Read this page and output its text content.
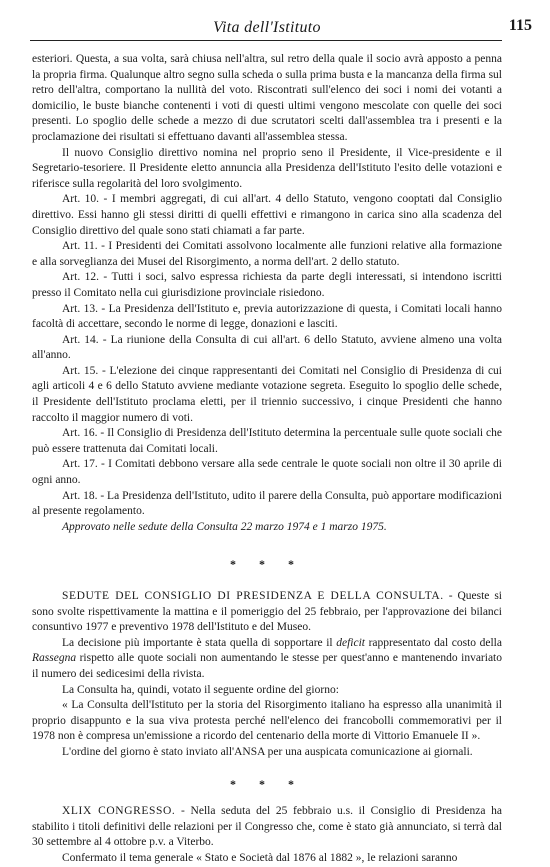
Vita dell'Istituto	115

esteriori. Questa, a sua volta, sarà chiusa nell'altra, sul retro della quale il socio avrà apposto a penna la propria firma. Qualunque altro segno sulla scheda o sulla prima busta e la mancanza della firma sul retro dell'altra, comportano la nullità del voto. Riscontrati sull'elenco dei soci i nomi dei votanti a domicilio, le buste bianche contenenti i voti di questi ultimi vengono mescolate con quelle dei soci presenti. Lo spoglio delle schede a mezzo di due scrutatori scelti dall'assemblea tra i presenti e la proclamazione dei risultati si effettuano davanti all'assemblea stessa.

Il nuovo Consiglio direttivo nomina nel proprio seno il Presidente, il Vice-presidente e il Segretario-tesoriere. Il Presidente eletto annuncia alla Presidenza dell'Istituto l'esito delle votazioni e riferisce sulla regolarità del loro svolgimento.

Art. 10. - I membri aggregati, di cui all'art. 4 dello Statuto, vengono cooptati dal Consiglio direttivo. Essi hanno gli stessi diritti di quelli effettivi e rimangono in carica sino alla scadenza del Consiglio direttivo del quale sono stati chiamati a far parte.

Art. 11. - I Presidenti dei Comitati assolvono localmente alle funzioni relative alla formazione e alla sorveglianza dei Musei del Risorgimento, a norma dell'art. 2 dello statuto.

Art. 12. - Tutti i soci, salvo espressa richiesta da parte degli interessati, si intendono iscritti presso il Comitato nella cui giurisdizione provinciale risiedono.

Art. 13. - La Presidenza dell'Istituto e, previa autorizzazione di questa, i Comitati locali hanno facoltà di accettare, secondo le norme di legge, donazioni e lasciti.

Art. 14. - La riunione della Consulta di cui all'art. 6 dello Statuto, avviene almeno una volta all'anno.

Art. 15. - L'elezione dei cinque rappresentanti dei Comitati nel Consiglio di Presidenza di cui agli articoli 4 e 6 dello Statuto avviene mediante votazione segreta. Eseguito lo spoglio delle schede, il Presidente dell'Istituto proclama eletti, per il triennio successivo, i cinque Presidenti che hanno raccolto il maggior numero di voti.

Art. 16. - Il Consiglio di Presidenza dell'Istituto determina la percentuale sulle quote sociali che può essere trattenuta dai Comitati locali.

Art. 17. - I Comitati debbono versare alla sede centrale le quote sociali non oltre il 30 aprile di ogni anno.

Art. 18. - La Presidenza dell'Istituto, udito il parere della Consulta, può apportare modificazioni al presente regolamento.

Approvato nelle sedute della Consulta 22 marzo 1974 e 1 marzo 1975.

* * *

SEDUTE DEL CONSIGLIO DI PRESIDENZA E DELLA CONSULTA. - Queste si sono svolte rispettivamente la mattina e il pomeriggio del 25 febbraio, per l'approvazione dei bilanci consuntivo 1977 e preventivo 1978 dell'Istituto e del Museo.

La decisione più importante è stata quella di sopportare il deficit rappresentato dal costo della Rassegna rispetto alle quote sociali non aumentando le stesse per quest'anno e mantenendo invariato il numero dei sedicesimi della rivista.

La Consulta ha, quindi, votato il seguente ordine del giorno:

« La Consulta dell'Istituto per la storia del Risorgimento italiano ha espresso alla unanimità il proprio disappunto e la sua viva protesta perché nell'elenco dei francobolli commemorativi per il 1978 non è compresa un'emissione a ricordo del centenario della morte di Vittorio Emanuele II ».

L'ordine del giorno è stato inviato all'ANSA per una auspicata comunicazione ai giornali.

* * *

XLIX CONGRESSO. - Nella seduta del 25 febbraio u.s. il Consiglio di Presidenza ha stabilito i titoli definitivi delle relazioni per il Congresso che, come è stato già annunciato, si terrà dal 30 settembre al 4 ottobre p.v. a Viterbo.

Confermato il tema generale « Stato e Società dal 1876 al 1882 », le relazioni saranno
